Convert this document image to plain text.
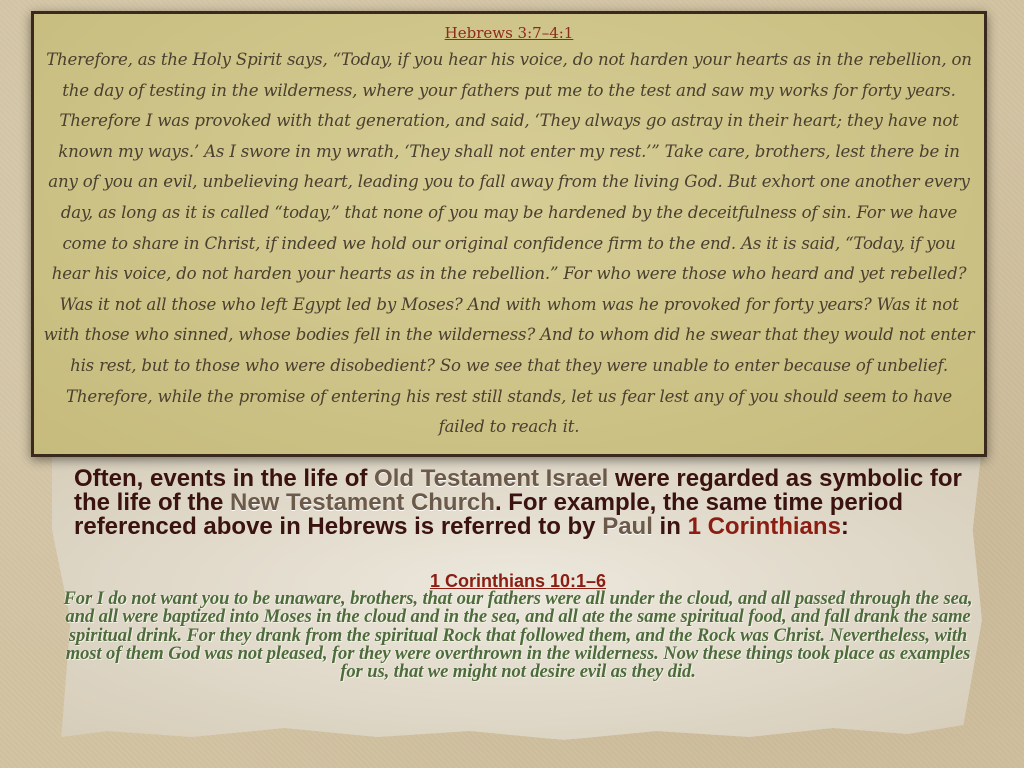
Hebrews 3:7–4:1
Therefore, as the Holy Spirit says, “Today, if you hear his voice, do not harden your hearts as in the rebellion, on the day of testing in the wilderness, where your fathers put me to the test and saw my works for forty years. Therefore I was provoked with that generation, and said, ‘They always go astray in their heart; they have not known my ways.’ As I swore in my wrath, ‘They shall not enter my rest.’” Take care, brothers, lest there be in any of you an evil, unbelieving heart, leading you to fall away from the living God. But exhort one another every day, as long as it is called “today,” that none of you may be hardened by the deceitfulness of sin. For we have come to share in Christ, if indeed we hold our original confidence firm to the end. As it is said, “Today, if you hear his voice, do not harden your hearts as in the rebellion.” For who were those who heard and yet rebelled? Was it not all those who left Egypt led by Moses? And with whom was he provoked for forty years? Was it not with those who sinned, whose bodies fell in the wilderness? And to whom did he swear that they would not enter his rest, but to those who were disobedient? So we see that they were unable to enter because of unbelief. Therefore, while the promise of entering his rest still stands, let us fear lest any of you should seem to have failed to reach it.
Often, events in the life of Old Testament Israel were regarded as symbolic for the life of the New Testament Church. For example, the same time period referenced above in Hebrews is referred to by Paul in 1 Corinthians:
1 Corinthians 10:1–6
For I do not want you to be unaware, brothers, that our fathers were all under the cloud, and all passed through the sea, and all were baptized into Moses in the cloud and in the sea, and all ate the same spiritual food, and fall drank the same spiritual drink. For they drank from the spiritual Rock that followed them, and the Rock was Christ. Nevertheless, with most of them God was not pleased, for they were overthrown in the wilderness. Now these things took place as examples for us, that we might not desire evil as they did.
